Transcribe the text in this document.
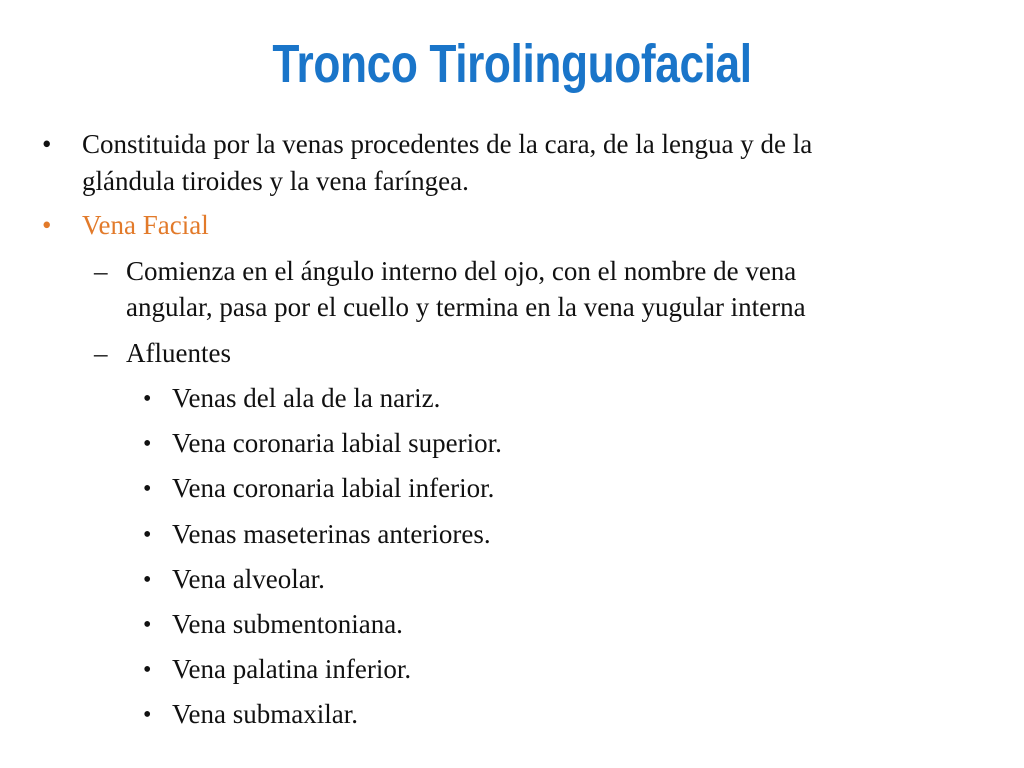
Tronco Tirolinguofacial
• Constituida por la venas procedentes de la cara, de la lengua y de la
glándula tiroides y la vena faríngea.
• Vena Facial
– Comienza en el ángulo interno del ojo, con el nombre de vena
angular, pasa por el cuello y termina en la vena yugular interna
– Afluentes
• Venas del ala de la nariz.
• Vena coronaria labial superior.
• Vena coronaria labial inferior.
• Venas maseterinas anteriores.
• Vena alveolar.
• Vena submentoniana.
• Vena palatina inferior.
• Vena submaxilar.
